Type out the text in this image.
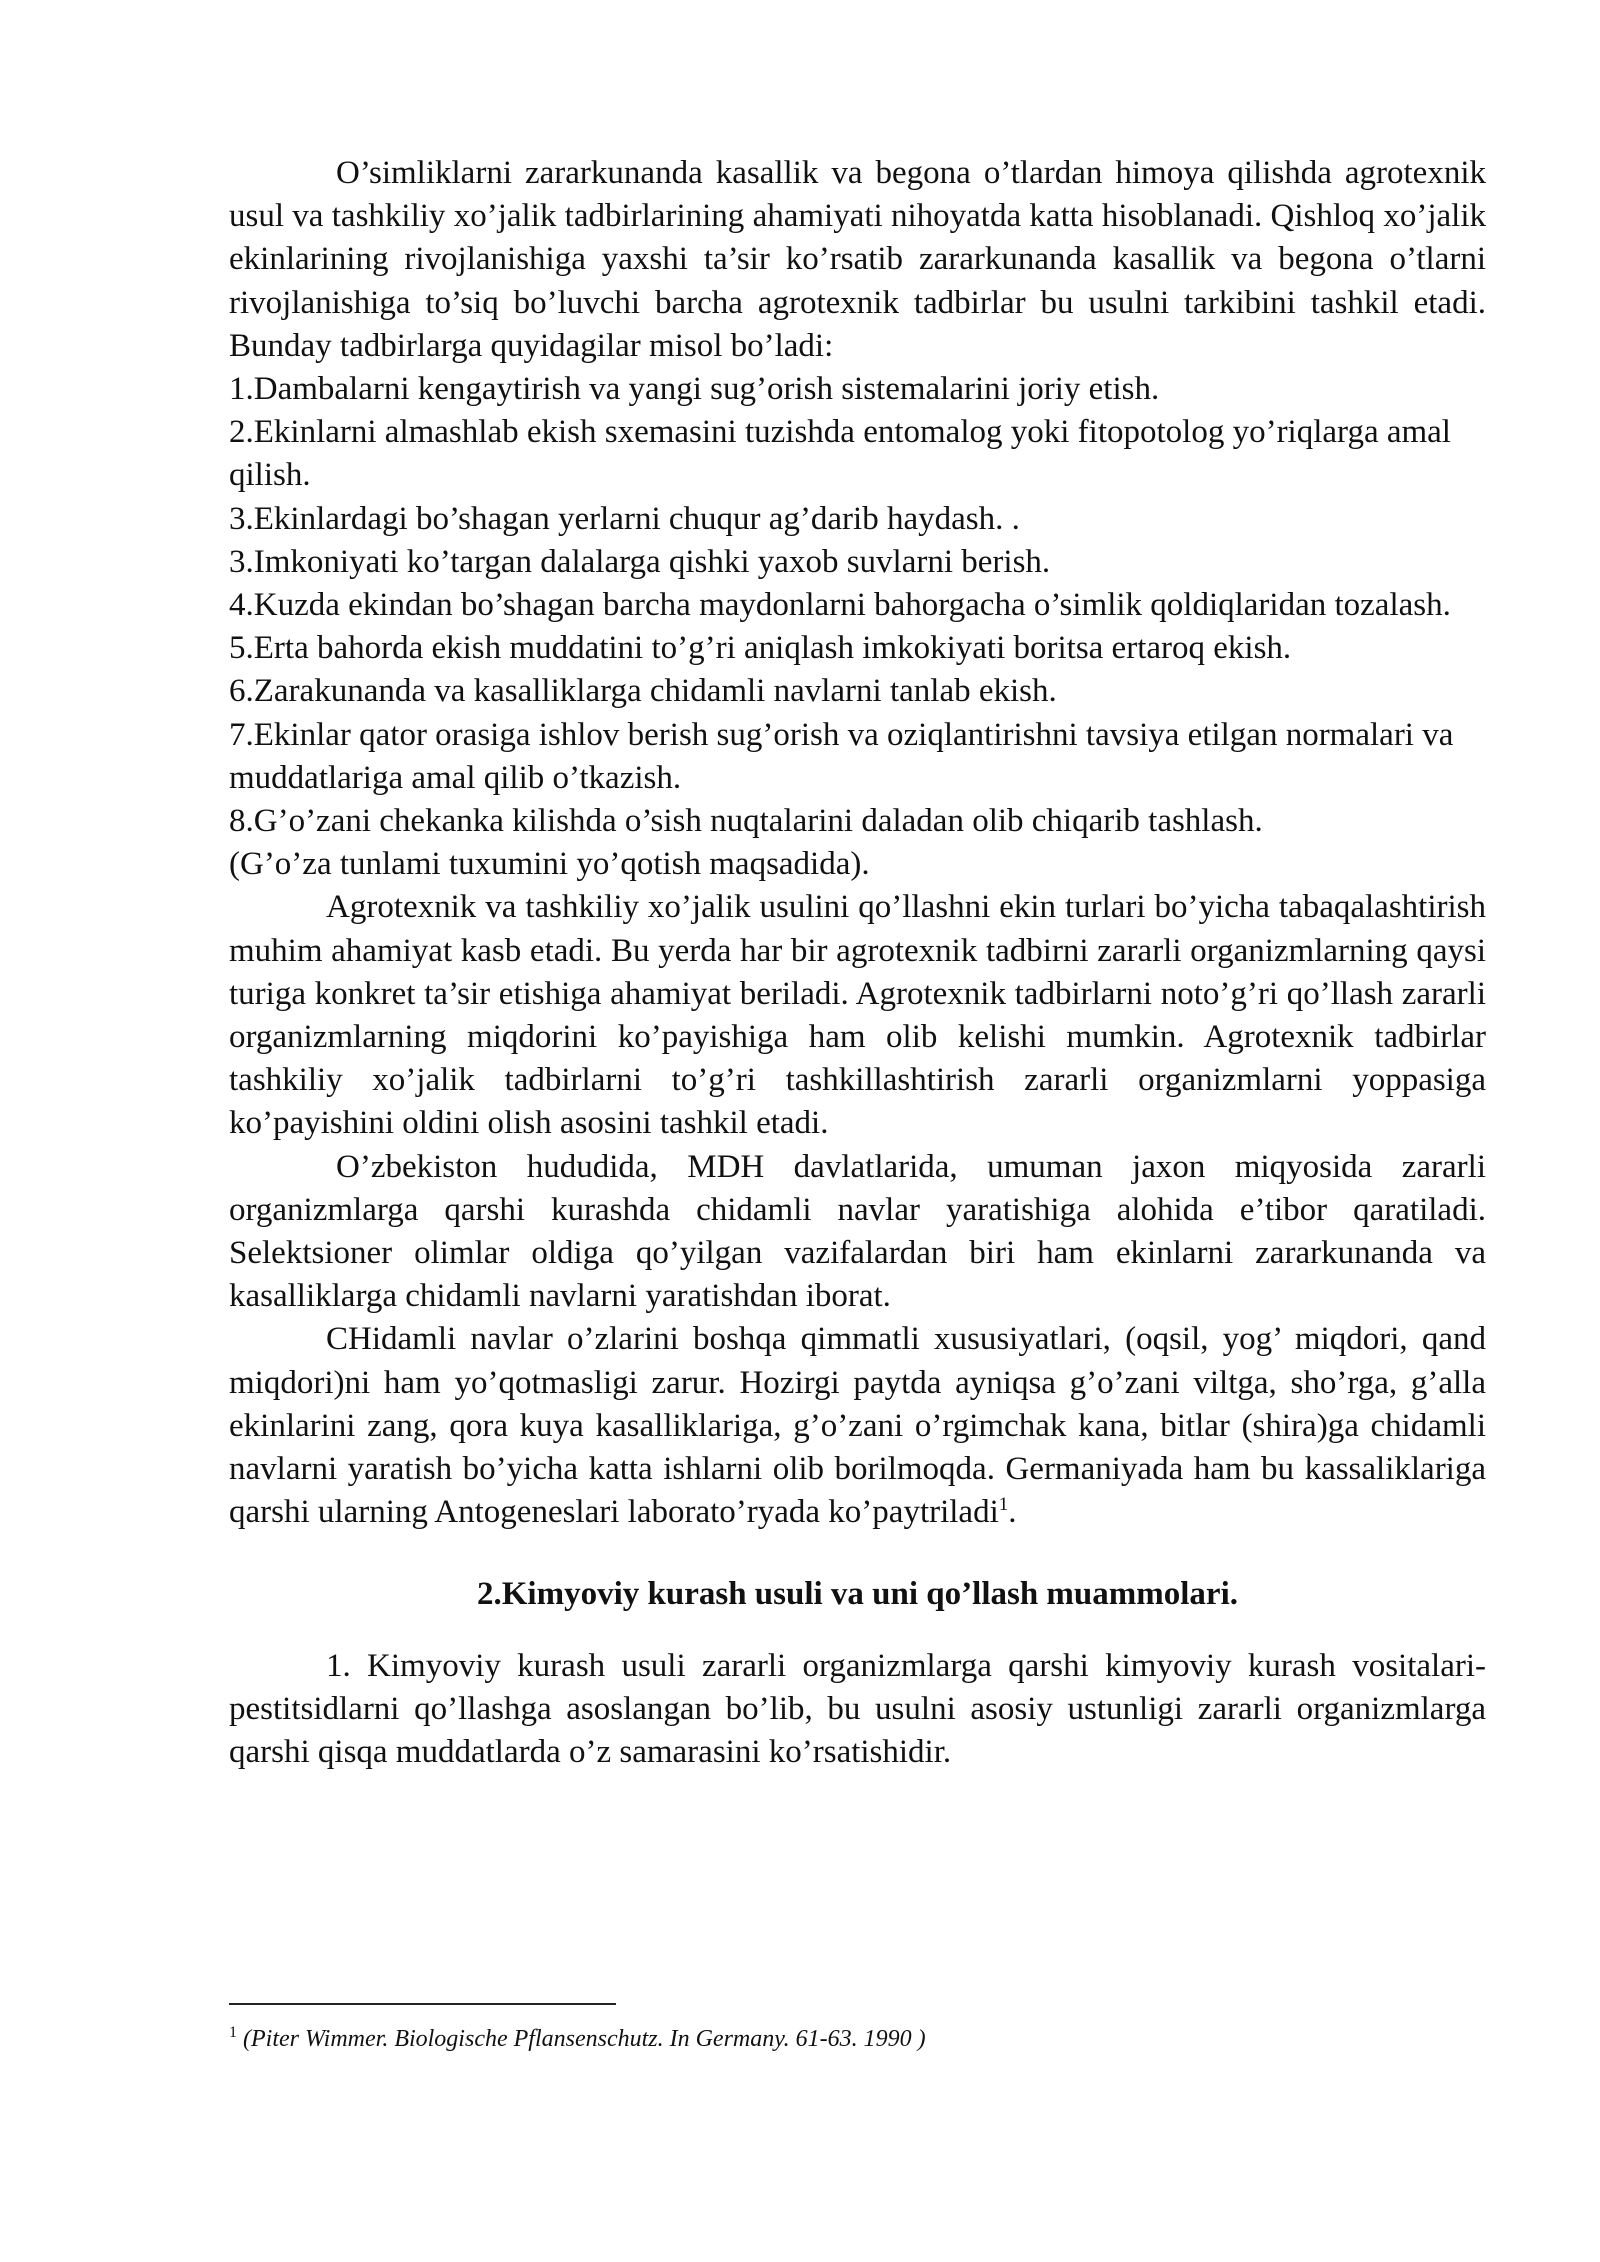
O’simliklarni zararkunanda kasallik va begona o’tlardan himoya qilishda agrotexnik usul va tashkiliy xo’jalik tadbirlarining ahamiyati nihoyatda katta hisoblanadi. Qishloq xo’jalik ekinlarining rivojlanishiga yaxshi ta’sir ko’rsatib zararkunanda kasallik va begona o’tlarni rivojlanishiga to’siq bo’luvchi barcha agrotexnik tadbirlar bu usulni tarkibini tashkil etadi. Bunday tadbirlarga quyidagilar misol bo’ladi:

1.Dambalarni kengaytirish va yangi sug’orish sistemalarini joriy etish.

2.Ekinlarni almashlab ekish sxemasini tuzishda entomalog yoki fitopotolog yo’riqlarga amal qilish.

3.Ekinlardagi bo’shagan yerlarni chuqur ag’darib haydash. .

3.Imkoniyati ko’targan dalalarga qishki yaxob suvlarni berish.

4.Kuzda ekindan bo’shagan barcha maydonlarni bahorgacha o’simlik qoldiqlaridan tozalash.

5.Erta bahorda ekish muddatini to’g’ri aniqlash imkokiyati boritsa ertaroq ekish.

6.Zarakunanda va kasalliklarga chidamli navlarni tanlab ekish.

7.Ekinlar qator orasiga ishlov berish sug’orish va oziqlantirishni tavsiya etilgan normalari va muddatlariga amal qilib o’tkazish.

8.G’o’zani chekanka kilishda o’sish nuqtalarini daladan olib chiqarib tashlash.

(G’o’za tunlami tuxumini yo’qotish maqsadida).

Agrotexnik va tashkiliy xo’jalik usulini qo’llashni ekin turlari bo’yicha tabaqalashtirish muhim ahamiyat kasb etadi. Bu yerda har bir agrotexnik tadbirni zararli organizmlarning qaysi turiga konkret ta’sir etishiga ahamiyat beriladi. Agrotexnik tadbirlarni noto’g’ri qo’llash zararli organizmlarning miqdorini ko’payishiga ham olib kelishi mumkin. Agrotexnik tadbirlar tashkiliy xo’jalik tadbirlarni to’g’ri tashkillashtirish zararli organizmlarni yoppasiga ko’payishini oldini olish asosini tashkil etadi.

O’zbekiston hududida, MDH davlatlarida, umuman jaxon miqyosida zararli organizmlarga qarshi kurashda chidamli navlar yaratishiga alohida e’tibor qaratiladi. Selektsioner olimlar oldiga qo’yilgan vazifalardan biri ham ekinlarni zararkunanda va kasalliklarga chidamli navlarni yaratishdan iborat.

CHidamli navlar o’zlarini boshqa qimmatli xususiyatlari, (oqsil, yog’ miqdori, qand miqdori)ni ham yo’qotmasligi zarur. Hozirgi paytda ayniqsa g’o’zani viltga, sho’rga, g’alla ekinlarini zang, qora kuya kasalliklariga, g’o’zani o’rgimchak kana, bitlar (shira)ga chidamli navlarni yaratish bo’yicha katta ishlarni olib borilmoqda. Germaniyada ham bu kassaliklariga qarshi ularning Antogeneslari laborato’ryada ko’paytriladi$^1$.

2.Kimyoviy kurash usuli va uni qo’llash muammolari.

1. Kimyoviy kurash usuli zararli organizmlarga qarshi kimyoviy kurash vositalari-pestitsidlarni qo’llashga asoslangan bo’lib, bu usulni asosiy ustunligi zararli organizmlarga qarshi qisqa muddatlarda o’z samarasini ko’rsatishidir.

$^1$ (Piter Wimmer. Biologische Pflansenschutz. In Germany. 61-63. 1990 )
